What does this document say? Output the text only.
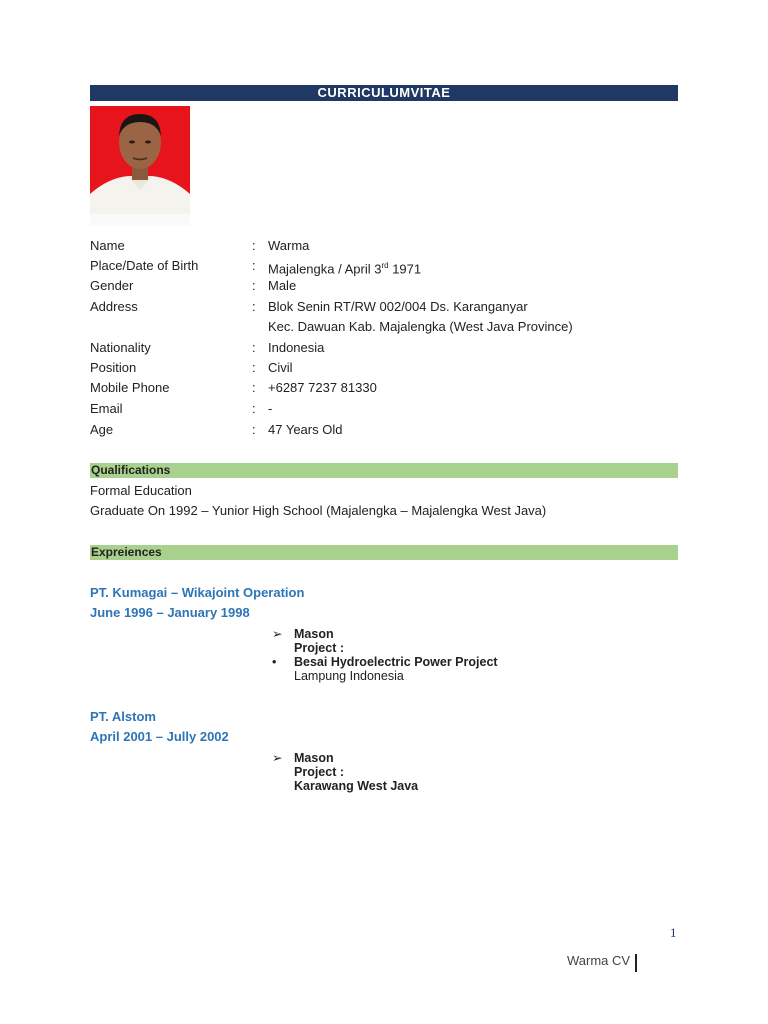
CURRICULUMVITAE
Name	: Warma
Place/Date of Birth	: Majalengka / April 3rd 1971
Gender	: Male
Address	: Blok Senin RT/RW 002/004 Ds. Karanganyar
Kec. Dawuan Kab. Majalengka (West Java Province)
Nationality	: Indonesia
Position	: Civil
Mobile Phone	: +6287 7237 81330
Email	: -
Age	: 47 Years Old
Qualifications
Formal Education
Graduate On 1992 – Yunior High School (Majalengka – Majalengka West Java)
Expreiences
PT. Kumagai – Wikajoint Operation
June 1996 – January 1998
➢ Mason
Project :
•	Besai Hydroelectric Power Project
Lampung Indonesia
PT. Alstom
April 2001 – Jully 2002
➢ Mason
Project :
Karawang West Java
1
Warma CV
